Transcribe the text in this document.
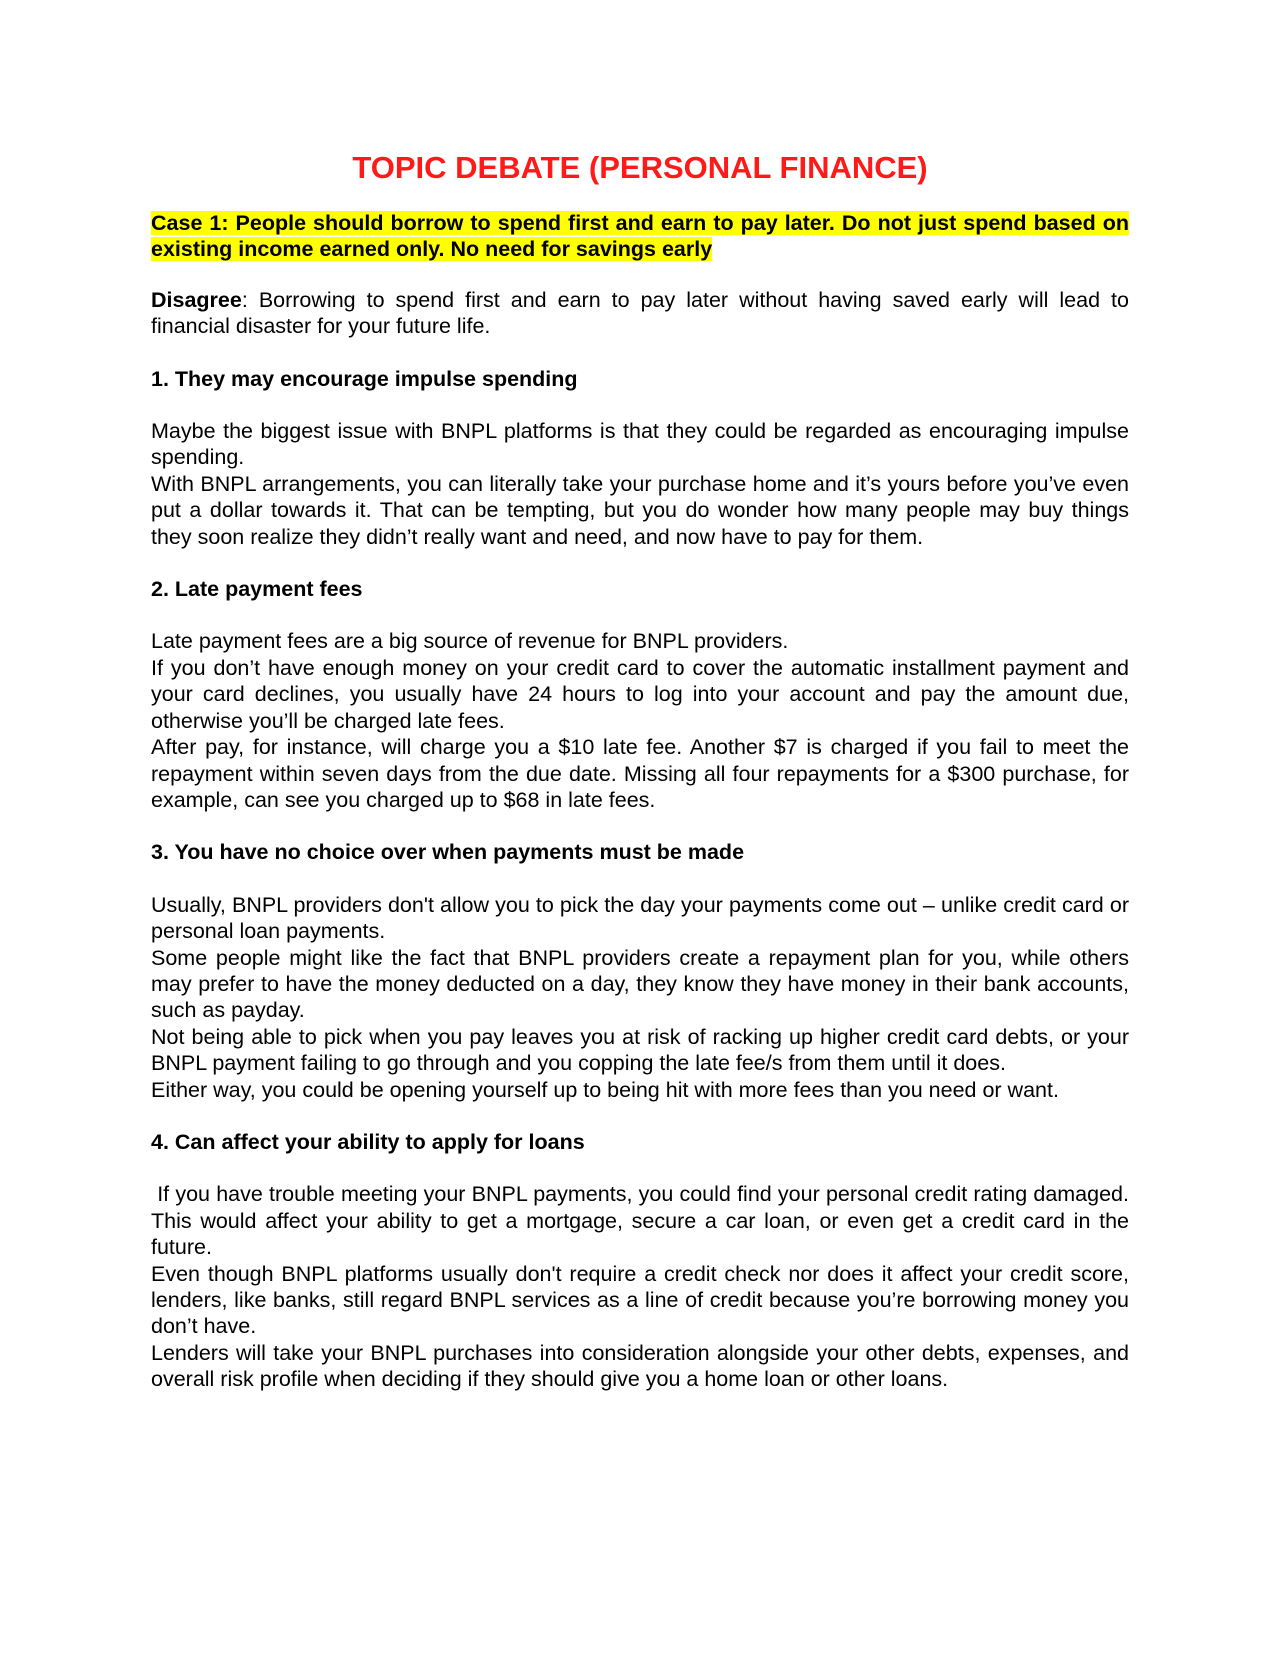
TOPIC DEBATE (PERSONAL FINANCE)

Case 1: People should borrow to spend first and earn to pay later. Do not just spend based on existing income earned only. No need for savings early

Disagree: Borrowing to spend first and earn to pay later without having saved early will lead to financial disaster for your future life.

1. They may encourage impulse spending

Maybe the biggest issue with BNPL platforms is that they could be regarded as encouraging impulse spending.

With BNPL arrangements, you can literally take your purchase home and it’s yours before you’ve even put a dollar towards it. That can be tempting, but you do wonder how many people may buy things they soon realize they didn’t really want and need, and now have to pay for them.

2. Late payment fees

Late payment fees are a big source of revenue for BNPL providers.

If you don’t have enough money on your credit card to cover the automatic installment payment and your card declines, you usually have 24 hours to log into your account and pay the amount due, otherwise you’ll be charged late fees.

After pay, for instance, will charge you a $10 late fee. Another $7 is charged if you fail to meet the repayment within seven days from the due date. Missing all four repayments for a $300 purchase, for example, can see you charged up to $68 in late fees.

3. You have no choice over when payments must be made

Usually, BNPL providers don't allow you to pick the day your payments come out – unlike credit card or personal loan payments.

Some people might like the fact that BNPL providers create a repayment plan for you, while others may prefer to have the money deducted on a day, they know they have money in their bank accounts, such as payday.

Not being able to pick when you pay leaves you at risk of racking up higher credit card debts, or your BNPL payment failing to go through and you copping the late fee/s from them until it does.

Either way, you could be opening yourself up to being hit with more fees than you need or want.

4. Can affect your ability to apply for loans

If you have trouble meeting your BNPL payments, you could find your personal credit rating damaged. This would affect your ability to get a mortgage, secure a car loan, or even get a credit card in the future.

Even though BNPL platforms usually don't require a credit check nor does it affect your credit score, lenders, like banks, still regard BNPL services as a line of credit because you’re borrowing money you don’t have.

Lenders will take your BNPL purchases into consideration alongside your other debts, expenses, and overall risk profile when deciding if they should give you a home loan or other loans.
